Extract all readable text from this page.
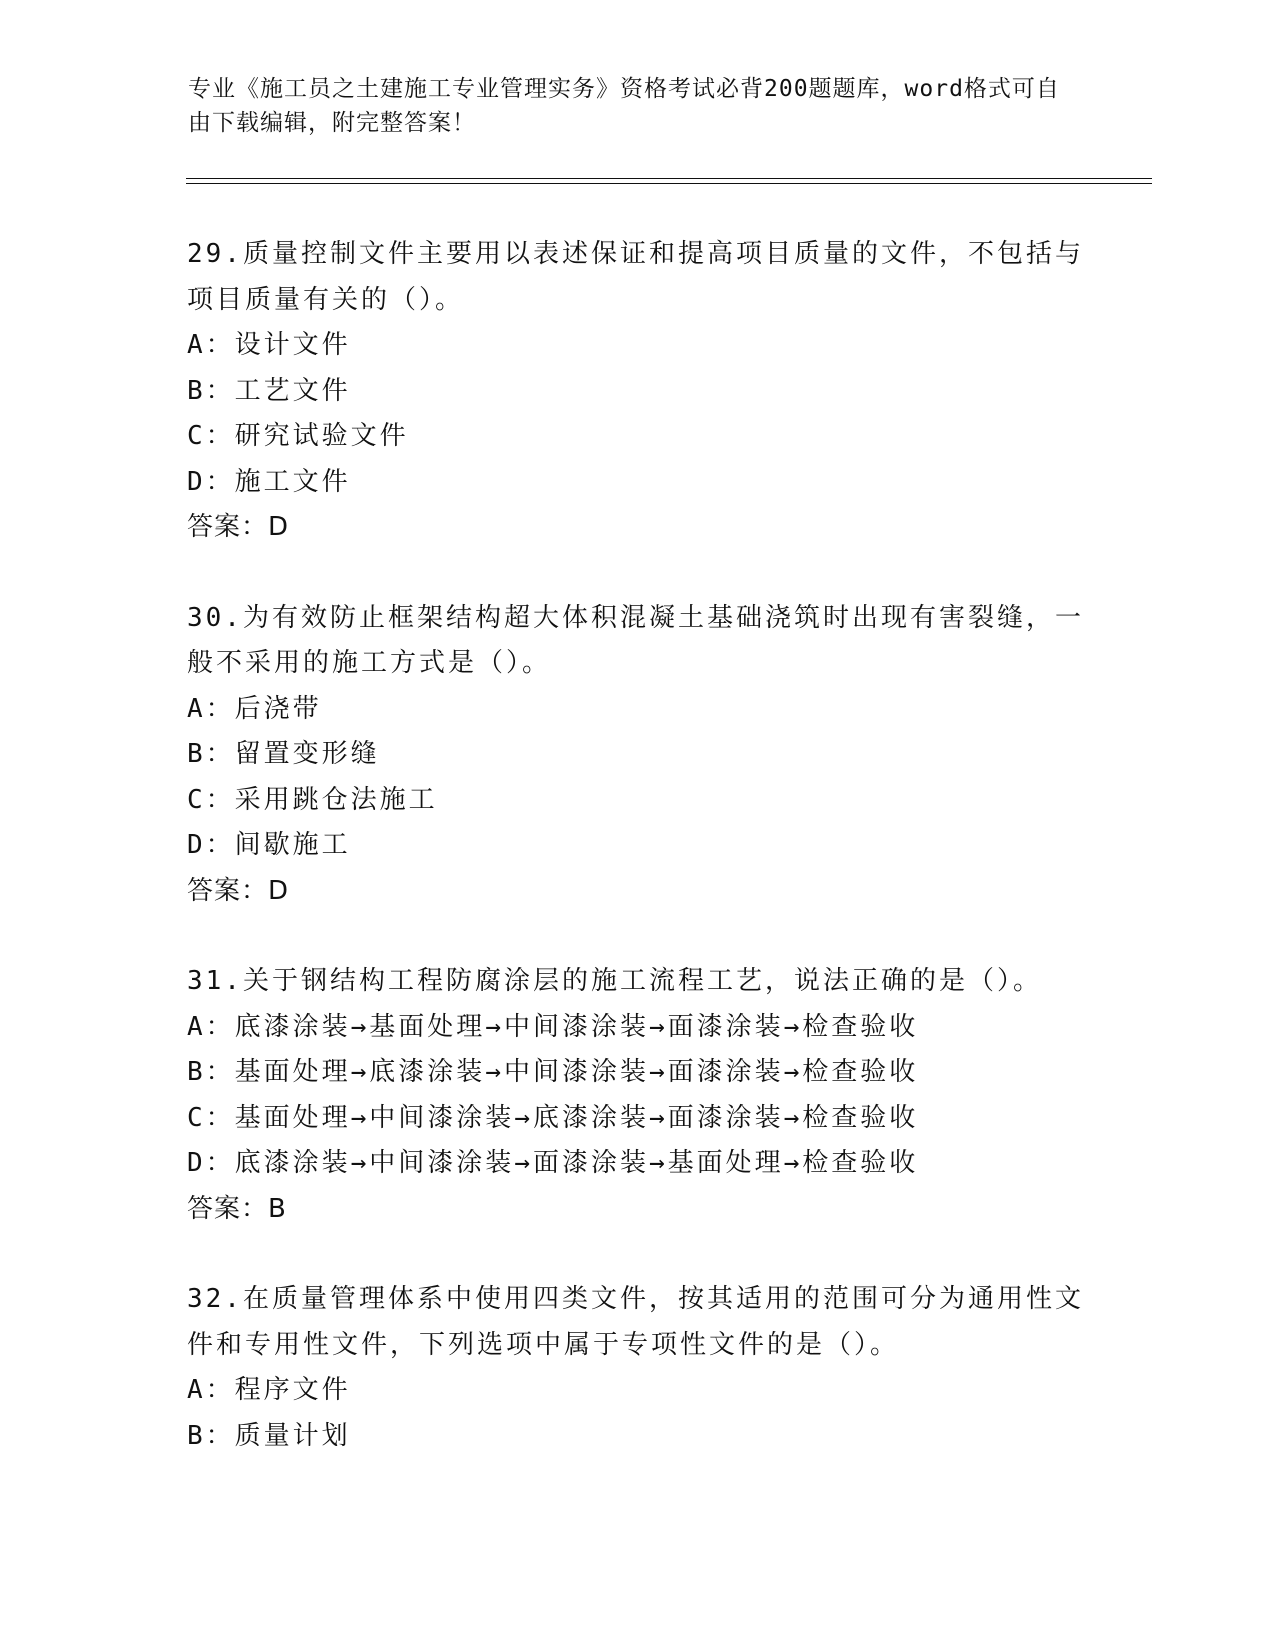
专业《施工员之土建施工专业管理实务》资格考试必背200题题库，word格式可自由下载编辑，附完整答案！
29.质量控制文件主要用以表述保证和提高项目质量的文件，不包括与项目质量有关的（）。
A：设计文件
B：工艺文件
C：研究试验文件
D：施工文件
答案：D
30.为有效防止框架结构超大体积混凝土基础浇筑时出现有害裂缝，一般不采用的施工方式是（）。
A：后浇带
B：留置变形缝
C：采用跳仓法施工
D：间歇施工
答案：D
31.关于钢结构工程防腐涂层的施工流程工艺，说法正确的是（）。
A：底漆涂装→基面处理→中间漆涂装→面漆涂装→检查验收
B：基面处理→底漆涂装→中间漆涂装→面漆涂装→检查验收
C：基面处理→中间漆涂装→底漆涂装→面漆涂装→检查验收
D：底漆涂装→中间漆涂装→面漆涂装→基面处理→检查验收
答案：B
32.在质量管理体系中使用四类文件，按其适用的范围可分为通用性文件和专用性文件，下列选项中属于专项性文件的是（）。
A：程序文件
B：质量计划
